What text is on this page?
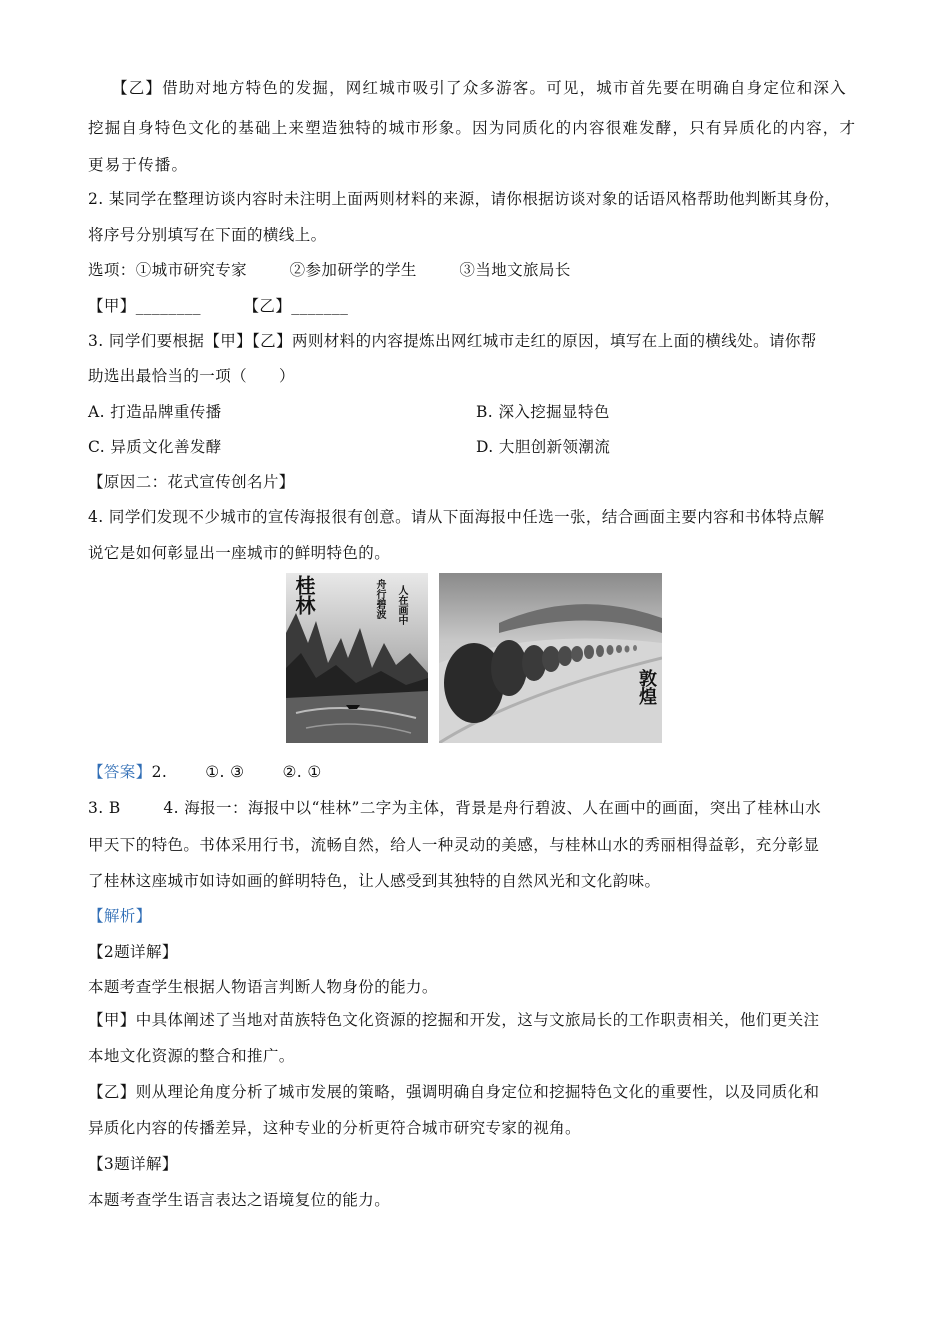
【乙】借助对地方特色的发掘，网红城市吸引了众多游客。可见，城市首先要在明确自身定位和深入
挖掘自身特色文化的基础上来塑造独特的城市形象。因为同质化的内容很难发酵，只有异质化的内容，才
更易于传播。
2. 某同学在整理访谈内容时未注明上面两则材料的来源，请你根据访谈对象的话语风格帮助他判断其身份，
将序号分别填写在下面的横线上。
选项：①城市研究专家        ②参加研学的学生        ③当地文旅局长
【甲】________        【乙】_______
3. 同学们要根据【甲】【乙】两则材料的内容提炼出网红城市走红的原因，填写在上面的横线处。请你帮
助选出最恰当的一项（      ）
A. 打造品牌重传播	B. 深入挖掘显特色
C. 异质文化善发酵	D. 大胆创新领潮流
【原因二：花式宣传创名片】
4. 同学们发现不少城市的宣传海报很有创意。请从下面海报中任选一张，结合画面主要内容和书体特点解
说它是如何彰显出一座城市的鲜明特色的。
桂林	舟行碧波 人在画中
敦煌
【答案】2. ①. ③ ②. ①
3. B        4. 海报一：海报中以“桂林”二字为主体，背景是舟行碧波、人在画中的画面，突出了桂林山水
甲天下的特色。书体采用行书，流畅自然，给人一种灵动的美感，与桂林山水的秀丽相得益彰，充分彰显
了桂林这座城市如诗如画的鲜明特色，让人感受到其独特的自然风光和文化韵味。
【解析】
【2题详解】
本题考查学生根据人物语言判断人物身份的能力。
【甲】中具体阐述了当地对苗族特色文化资源的挖掘和开发，这与文旅局长的工作职责相关，他们更关注
本地文化资源的整合和推广。
【乙】则从理论角度分析了城市发展的策略，强调明确自身定位和挖掘特色文化的重要性，以及同质化和
异质化内容的传播差异，这种专业的分析更符合城市研究专家的视角。
【3题详解】
本题考查学生语言表达之语境复位的能力。
